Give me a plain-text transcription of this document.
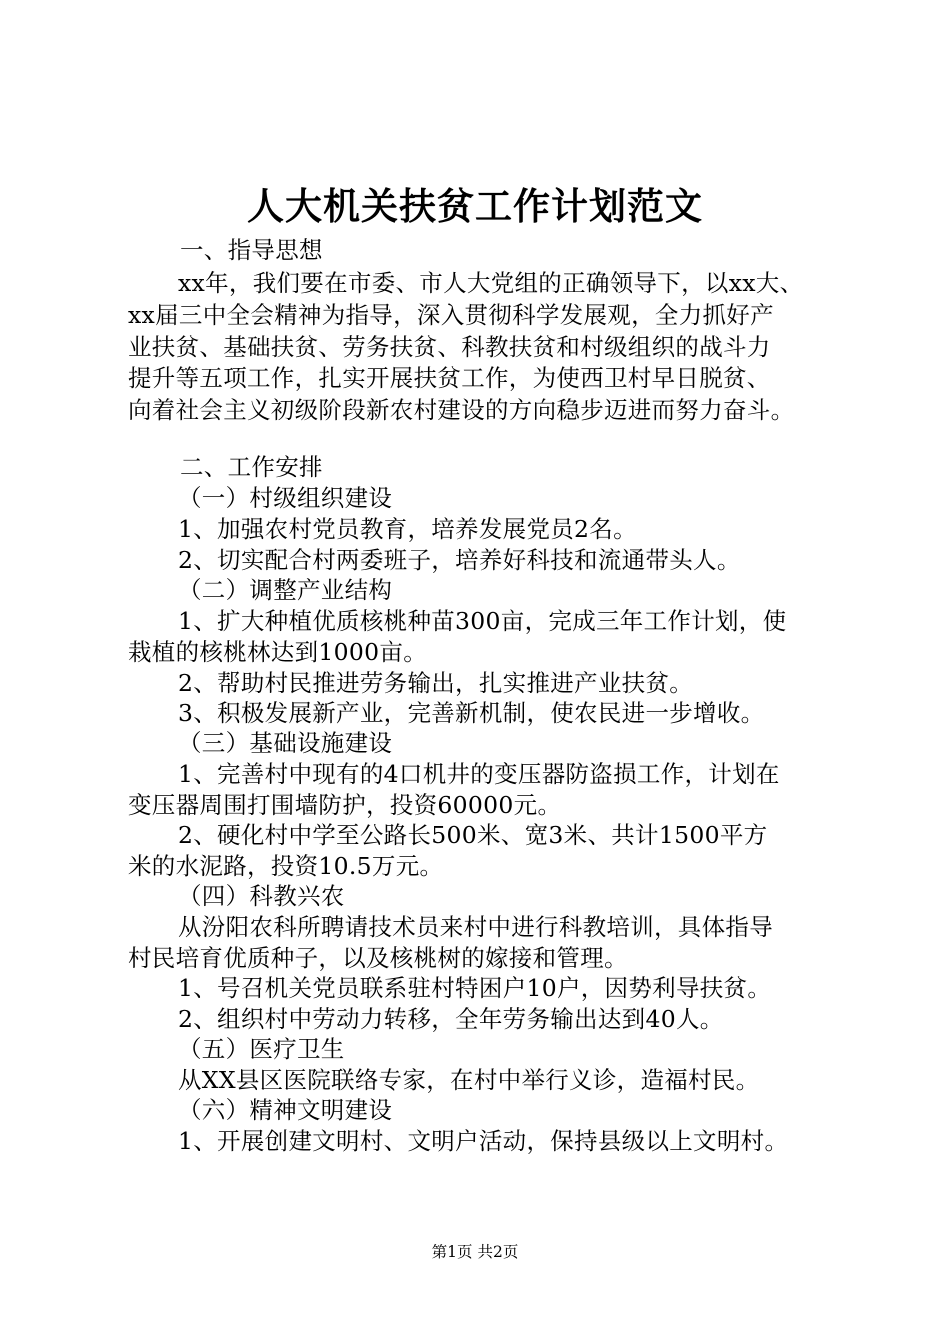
人大机关扶贫工作计划范文
一、指导思想
xx年，我们要在市委、市人大党组的正确领导下，以xx大、
xx届三中全会精神为指导，深入贯彻科学发展观，全力抓好产
业扶贫、基础扶贫、劳务扶贫、科教扶贫和村级组织的战斗力
提升等五项工作，扎实开展扶贫工作，为使西卫村早日脱贫、
向着社会主义初级阶段新农村建设的方向稳步迈进而努力奋斗。
二、工作安排
（一）村级组织建设
1、加强农村党员教育，培养发展党员2名。
2、切实配合村两委班子，培养好科技和流通带头人。
（二）调整产业结构
1、扩大种植优质核桃种苗300亩，完成三年工作计划，使
栽植的核桃林达到1000亩。
2、帮助村民推进劳务输出，扎实推进产业扶贫。
3、积极发展新产业，完善新机制，使农民进一步增收。
（三）基础设施建设
1、完善村中现有的4口机井的变压器防盗损工作，计划在
变压器周围打围墙防护，投资60000元。
2、硬化村中学至公路长500米、宽3米、共计1500平方
米的水泥路，投资10.5万元。
（四）科教兴农
从汾阳农科所聘请技术员来村中进行科教培训，具体指导
村民培育优质种子，以及核桃树的嫁接和管理。
1、号召机关党员联系驻村特困户10户，因势利导扶贫。
2、组织村中劳动力转移，全年劳务输出达到40人。
（五）医疗卫生
从XX县区医院联络专家，在村中举行义诊，造福村民。
（六）精神文明建设
1、开展创建文明村、文明户活动，保持县级以上文明村。
第1页 共2页
